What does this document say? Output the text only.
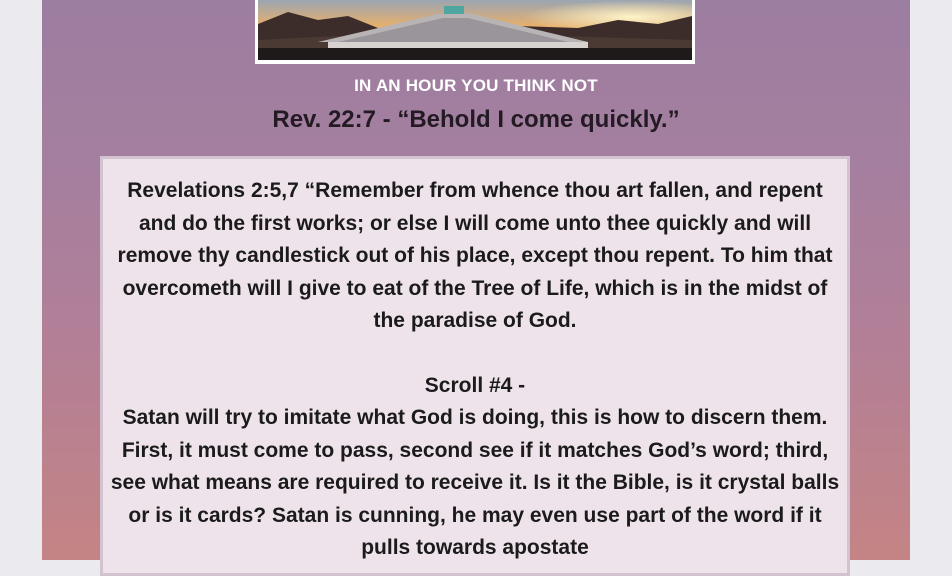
IN AN HOUR YOU THINK NOT
Rev. 22:7 - “Behold I come quickly.”

Revelations 2:5,7 “Remember from whence thou art fallen, and repent and do the first works; or else I will come unto thee quickly and will remove thy candlestick out of his place, except thou repent. To him that overcometh will I give to eat of the Tree of Life, which is in the midst of the paradise of God.

Scroll #4 -

Satan will try to imitate what God is doing, this is how to discern them. First, it must come to pass, second see if it matches God’s word; third, see what means are required to receive it. Is it the Bible, is it crystal balls or is it cards? Satan is cunning, he may even use part of the word if it pulls towards apostate
